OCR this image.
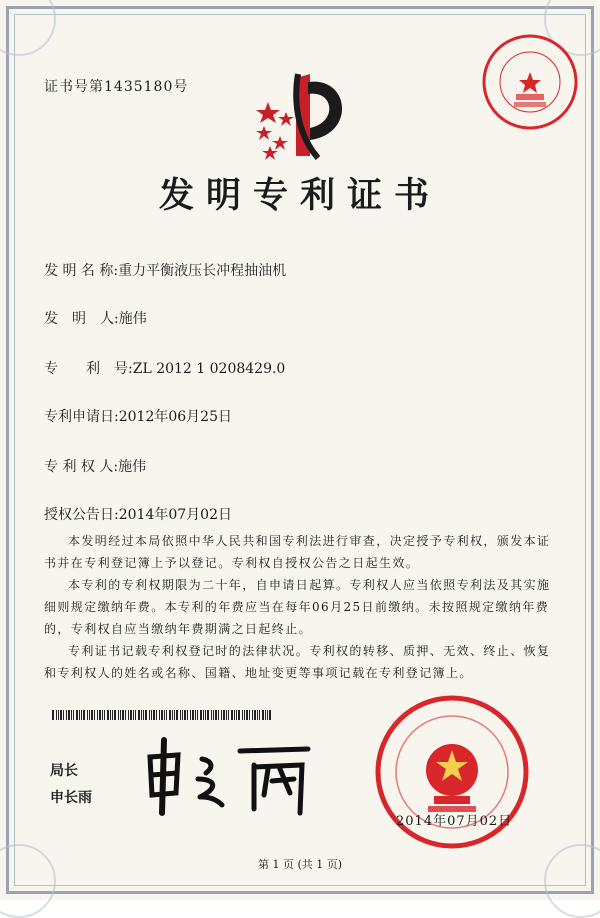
证书号第1435180号
发明专利证书
发 明 名 称:重力平衡液压长冲程抽油机
发　明　人:施伟
专　　利　号:ZL 2012 1 0208429.0
专利申请日:2012年06月25日
专 利 权 人:施伟
授权公告日:2014年07月02日

本发明经过本局依照中华人民共和国专利法进行审查，决定授予专利权，颁发本证书并在专利登记簿上予以登记。专利权自授权公告之日起生效。

本专利的专利权期限为二十年，自申请日起算。专利权人应当依照专利法及其实施细则规定缴纳年费。本专利的年费应当在每年06月25日前缴纳。未按照规定缴纳年费的，专利权自应当缴纳年费期满之日起终止。

专利证书记载专利权登记时的法律状况。专利权的转移、质押、无效、终止、恢复和专利权人的姓名或名称、国籍、地址变更等事项记载在专利登记簿上。

局长
申长雨
2014年07月02日
第 1 页 (共 1 页)
